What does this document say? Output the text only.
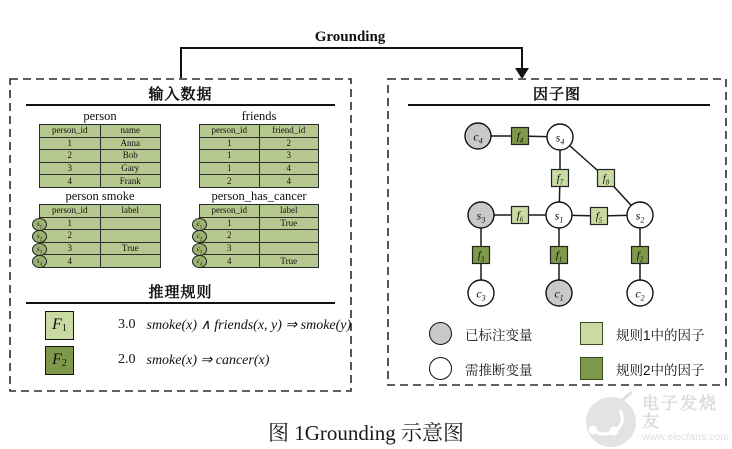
Grounding
输入数据
person
person_id	name
1	Anna
2	Bob
3	Gary
4	Frank
friends
person_id	friend_id
1	2
1	3
1	4
2	4
person smoke
person_id	label
1	
2	
3	True
4	
$s_1$
$s_2$
$s_3$
$s_4$
person_has_cancer
person_id	label
1	True
2	
3	
4	True
$c_1$
$c_2$
$c_3$
$c_4$
推理规则
$F_1$	3.0 smoke(x) ∧ friends(x, y) ⇒ smoke(y)
$F_2$	2.0 smoke(x) ⇒ cancer(x)
因子图
$f_4$
$f_7$	$f_8$
$f_6$	$f_5$
$f_3$	$f_1$	$f_2$
$c_4$	$s_4$
$s_3$	$s_1$	$s_2$
$c_3$	$c_1$	$c_2$
已标注变量
需推断变量
规则1中的因子
规则2中的因子
图 1Grounding 示意图
电子发烧友
www.elecfans.com
